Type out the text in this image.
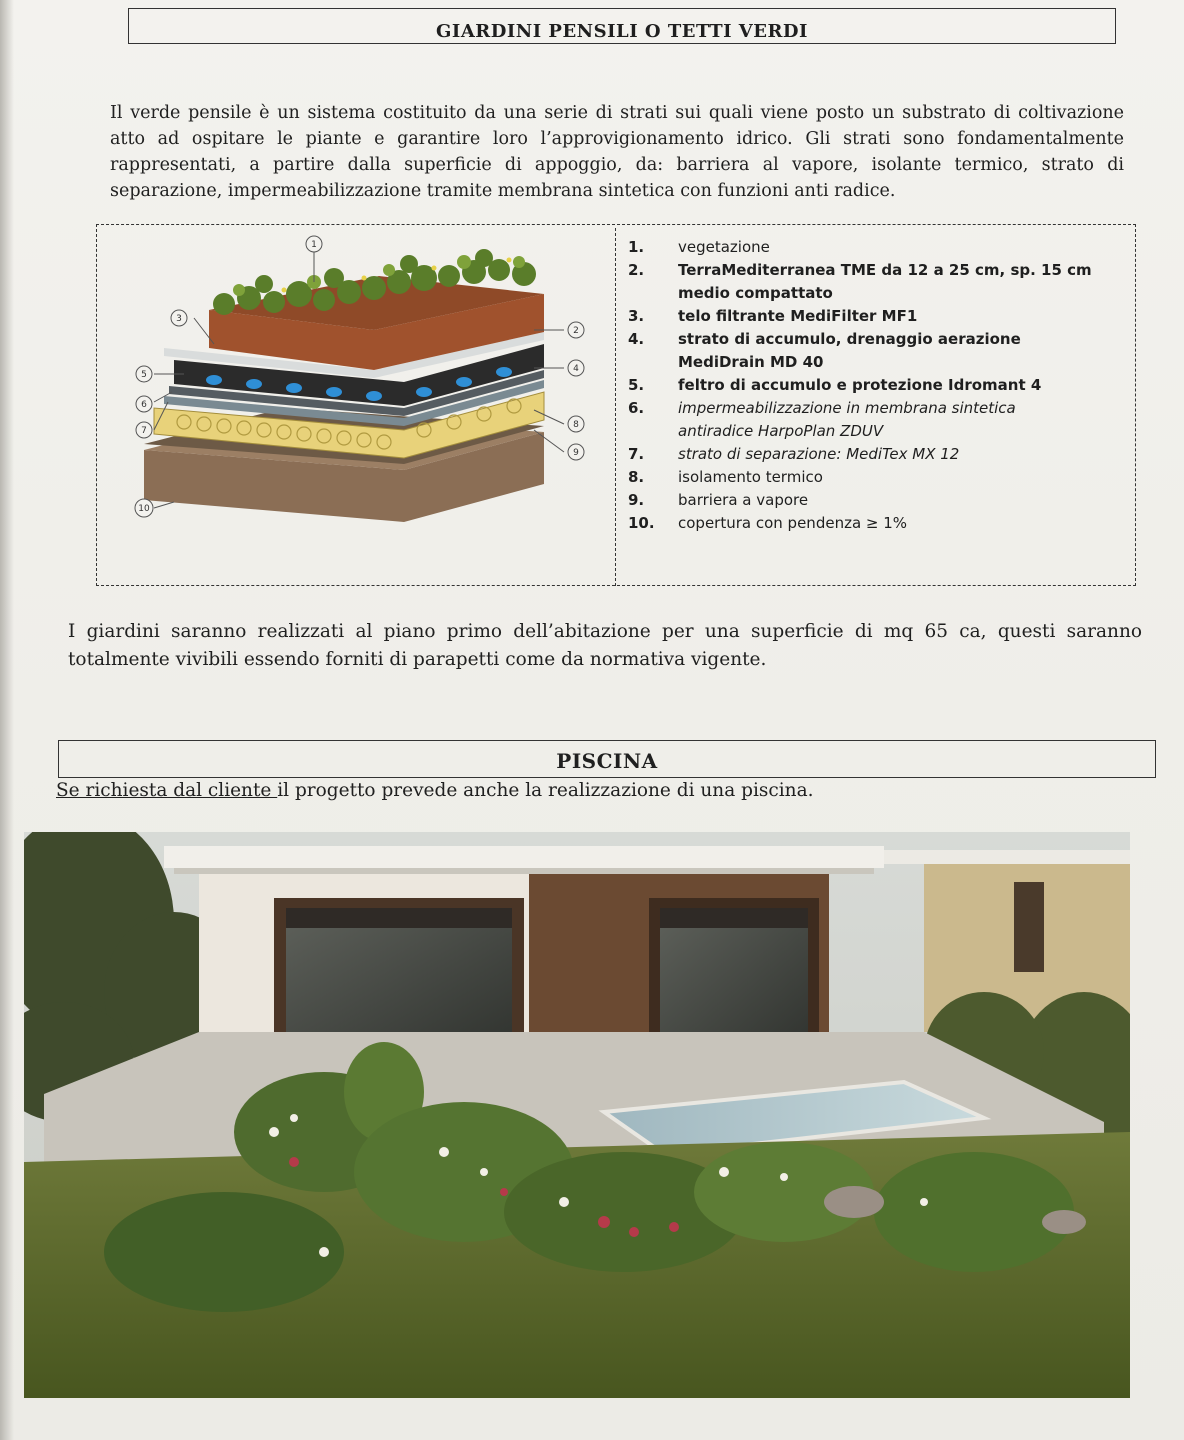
GIARDINI PENSILI O TETTI VERDI
Il verde pensile è un sistema costituito da una serie di strati sui quali viene posto un substrato di coltivazione
atto ad ospitare le piante e garantire loro l’approvigionamento idrico. Gli strati sono fondamentalmente
rappresentati, a partire dalla superficie di appoggio, da: barriera al vapore, isolante termico, strato di
separazione, impermeabilizzazione tramite membrana sintetica con funzioni anti radice.
1
2
3
4
5
6
7
8
9
10
1.	vegetazione
2.	TerraMediterranea TME da 12 a 25 cm, sp. 15 cm
medio compattato
3.	telo filtrante MediFilter MF1
4.	strato di accumulo, drenaggio aerazione
MediDrain MD 40
5.	feltro di accumulo e protezione Idromant 4
6.	impermeabilizzazione in membrana sintetica
antiradice HarpoPlan ZDUV
7.	strato di separazione: MediTex MX 12
8.	isolamento termico
9.	barriera a vapore
10.	copertura con pendenza ≥ 1%
I giardini saranno realizzati al piano primo dell’abitazione per una superficie di mq 65 ca, questi saranno totalmente vivibili essendo forniti di parapetti come da normativa vigente.
PISCINA
Se richiesta dal cliente il progetto prevede anche la realizzazione di una piscina.
